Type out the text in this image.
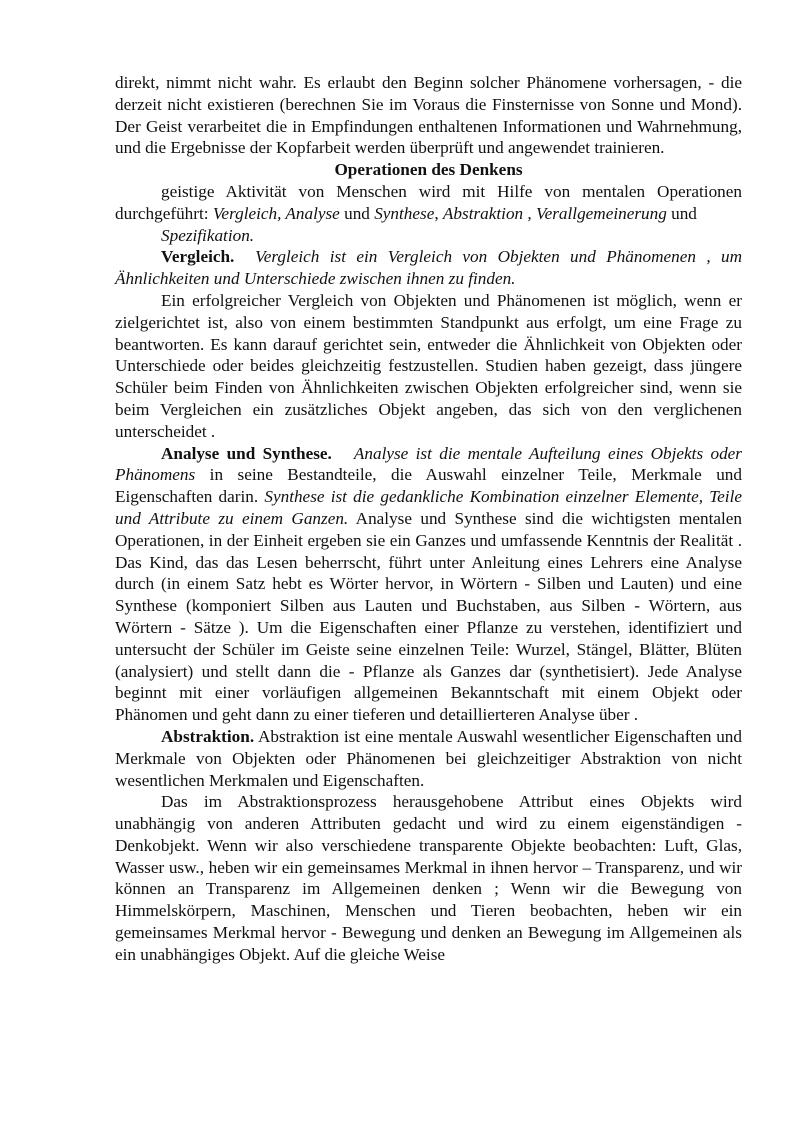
direkt, nimmt nicht wahr. Es erlaubt den Beginn solcher Phänomene vorhersagen, - die derzeit nicht existieren (berechnen Sie im Voraus die Finsternisse von Sonne und Mond). Der Geist verarbeitet die in Empfindungen enthaltenen Informationen und Wahrnehmung, und die Ergebnisse der Kopfarbeit werden überprüft und angewendet trainieren.

Operationen des Denkens

geistige Aktivität von Menschen wird mit Hilfe von mentalen Operationen durchgeführt: Vergleich, Analyse und Synthese, Abstraktion , Verallgemeinerung und

Spezifikation.

Vergleich. Vergleich ist ein Vergleich von Objekten und Phänomenen , um Ähnlichkeiten und Unterschiede zwischen ihnen zu finden.

Ein erfolgreicher Vergleich von Objekten und Phänomenen ist möglich, wenn er zielgerichtet ist, also von einem bestimmten Standpunkt aus erfolgt, um eine Frage zu beantworten. Es kann darauf gerichtet sein, entweder die Ähnlichkeit von Objekten oder Unterschiede oder beides gleichzeitig festzustellen. Studien haben gezeigt, dass jüngere Schüler beim Finden von Ähnlichkeiten zwischen Objekten erfolgreicher sind, wenn sie beim Vergleichen ein zusätzliches Objekt angeben, das sich von den verglichenen unterscheidet .

Analyse und Synthese. Analyse ist die mentale Aufteilung eines Objekts oder Phänomens in seine Bestandteile, die Auswahl einzelner Teile, Merkmale und Eigenschaften darin. Synthese ist die gedankliche Kombination einzelner Elemente, Teile und Attribute zu einem Ganzen. Analyse und Synthese sind die wichtigsten mentalen Operationen, in der Einheit ergeben sie ein Ganzes und umfassende Kenntnis der Realität . Das Kind, das das Lesen beherrscht, führt unter Anleitung eines Lehrers eine Analyse durch (in einem Satz hebt es Wörter hervor, in Wörtern - Silben und Lauten) und eine Synthese (komponiert Silben aus Lauten und Buchstaben, aus Silben - Wörtern, aus Wörtern - Sätze ). Um die Eigenschaften einer Pflanze zu verstehen, identifiziert und untersucht der Schüler im Geiste seine einzelnen Teile: Wurzel, Stängel, Blätter, Blüten (analysiert) und stellt dann die - Pflanze als Ganzes dar (synthetisiert). Jede Analyse beginnt mit einer vorläufigen allgemeinen Bekanntschaft mit einem Objekt oder Phänomen und geht dann zu einer tieferen und detaillierteren Analyse über .

Abstraktion. Abstraktion ist eine mentale Auswahl wesentlicher Eigenschaften und Merkmale von Objekten oder Phänomenen bei gleichzeitiger Abstraktion von nicht wesentlichen Merkmalen und Eigenschaften.

Das im Abstraktionsprozess herausgehobene Attribut eines Objekts wird unabhängig von anderen Attributen gedacht und wird zu einem eigenständigen - Denkobjekt. Wenn wir also verschiedene transparente Objekte beobachten: Luft, Glas, Wasser usw., heben wir ein gemeinsames Merkmal in ihnen hervor – Transparenz, und wir können an Transparenz im Allgemeinen denken ; Wenn wir die Bewegung von Himmelskörpern, Maschinen, Menschen und Tieren beobachten, heben wir ein gemeinsames Merkmal hervor - Bewegung und denken an Bewegung im Allgemeinen als ein unabhängiges Objekt. Auf die gleiche Weise
